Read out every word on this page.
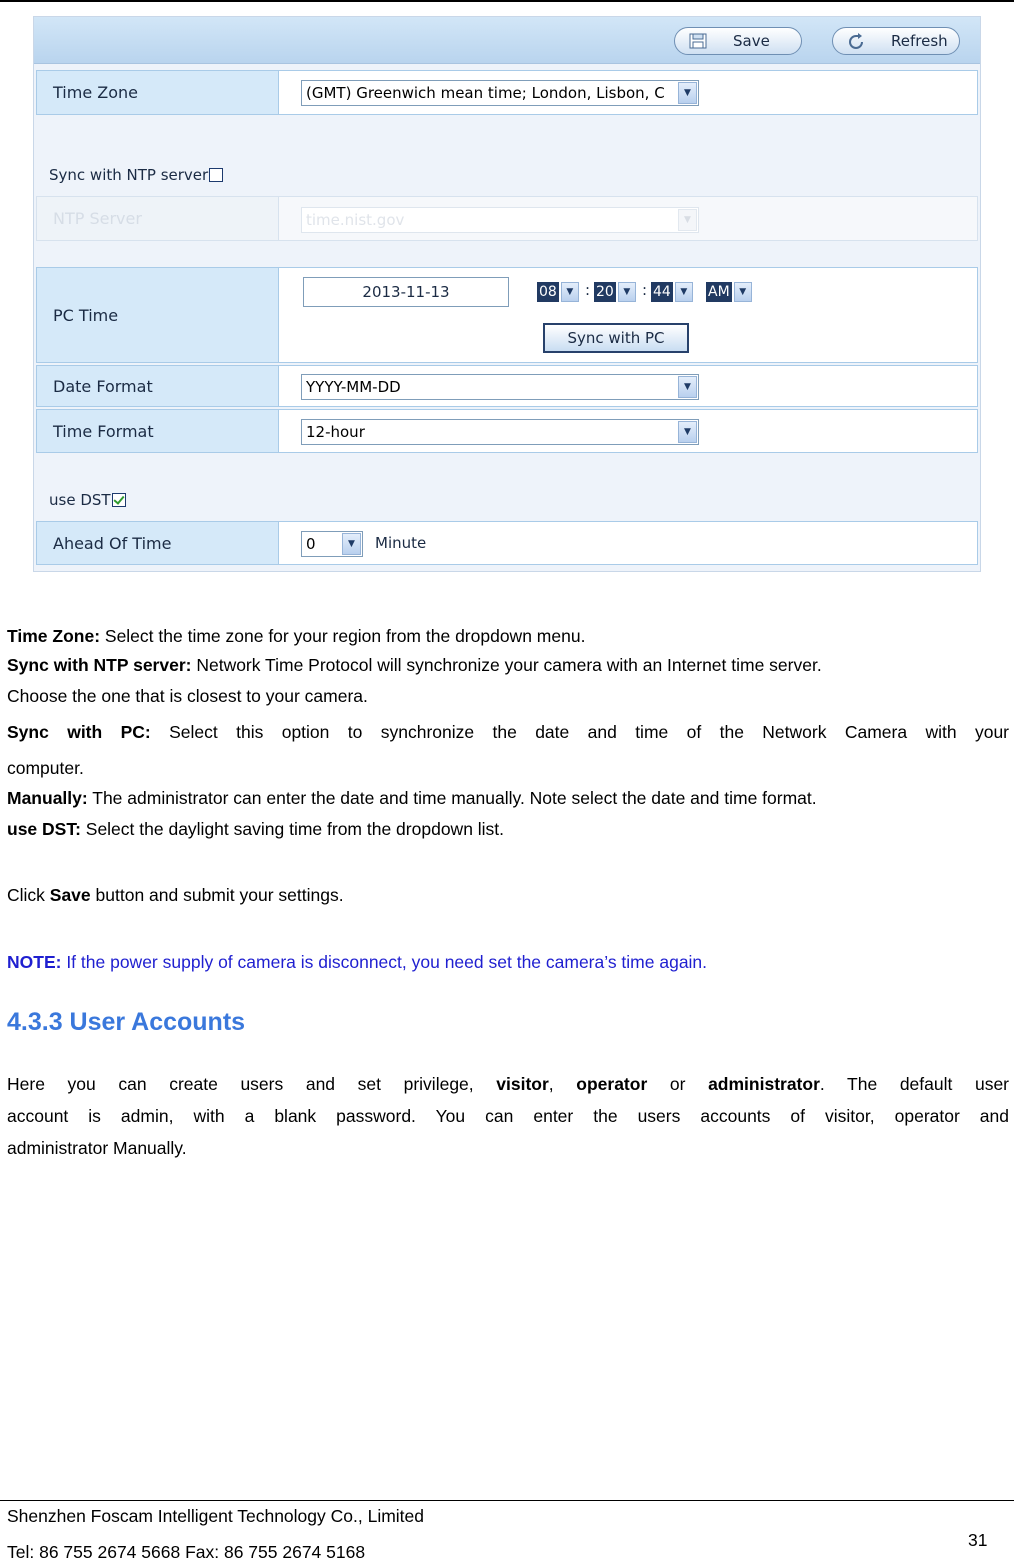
Save	Refresh
Time Zone	(GMT) Greenwich mean time; London, Lisbon, C	▼
Sync with NTP server
NTP Server	time.nist.gov	▼
PC Time
2013-11-13	08	▼ : 20	▼ : 44	▼	AM	▼
Sync with PC
Date Format	YYYY-MM-DD	▼
Time Format	12-hour	▼
use DST
Ahead Of Time	0	▼	Minute
Time Zone: Select the time zone for your region from the dropdown menu.
Sync with NTP server: Network Time Protocol will synchronize your camera with an Internet time server.
Choose the one that is closest to your camera.
Sync with PC: Select this option to synchronize the date and time of the Network Camera with your
computer.
Manually: The administrator can enter the date and time manually. Note select the date and time format.
use DST: Select the daylight saving time from the dropdown list.
Click Save button and submit your settings.
NOTE: If the power supply of camera is disconnect, you need set the camera’s time again.
4.3.3 User Accounts
Here you can create users and set privilege, visitor, operator or administrator. The default user
account is admin, with a blank password. You can enter the users accounts of visitor, operator and
administrator Manually.
Shenzhen Foscam Intelligent Technology Co., Limited
Tel: 86 755 2674 5668 Fax: 86 755 2674 5168
31
